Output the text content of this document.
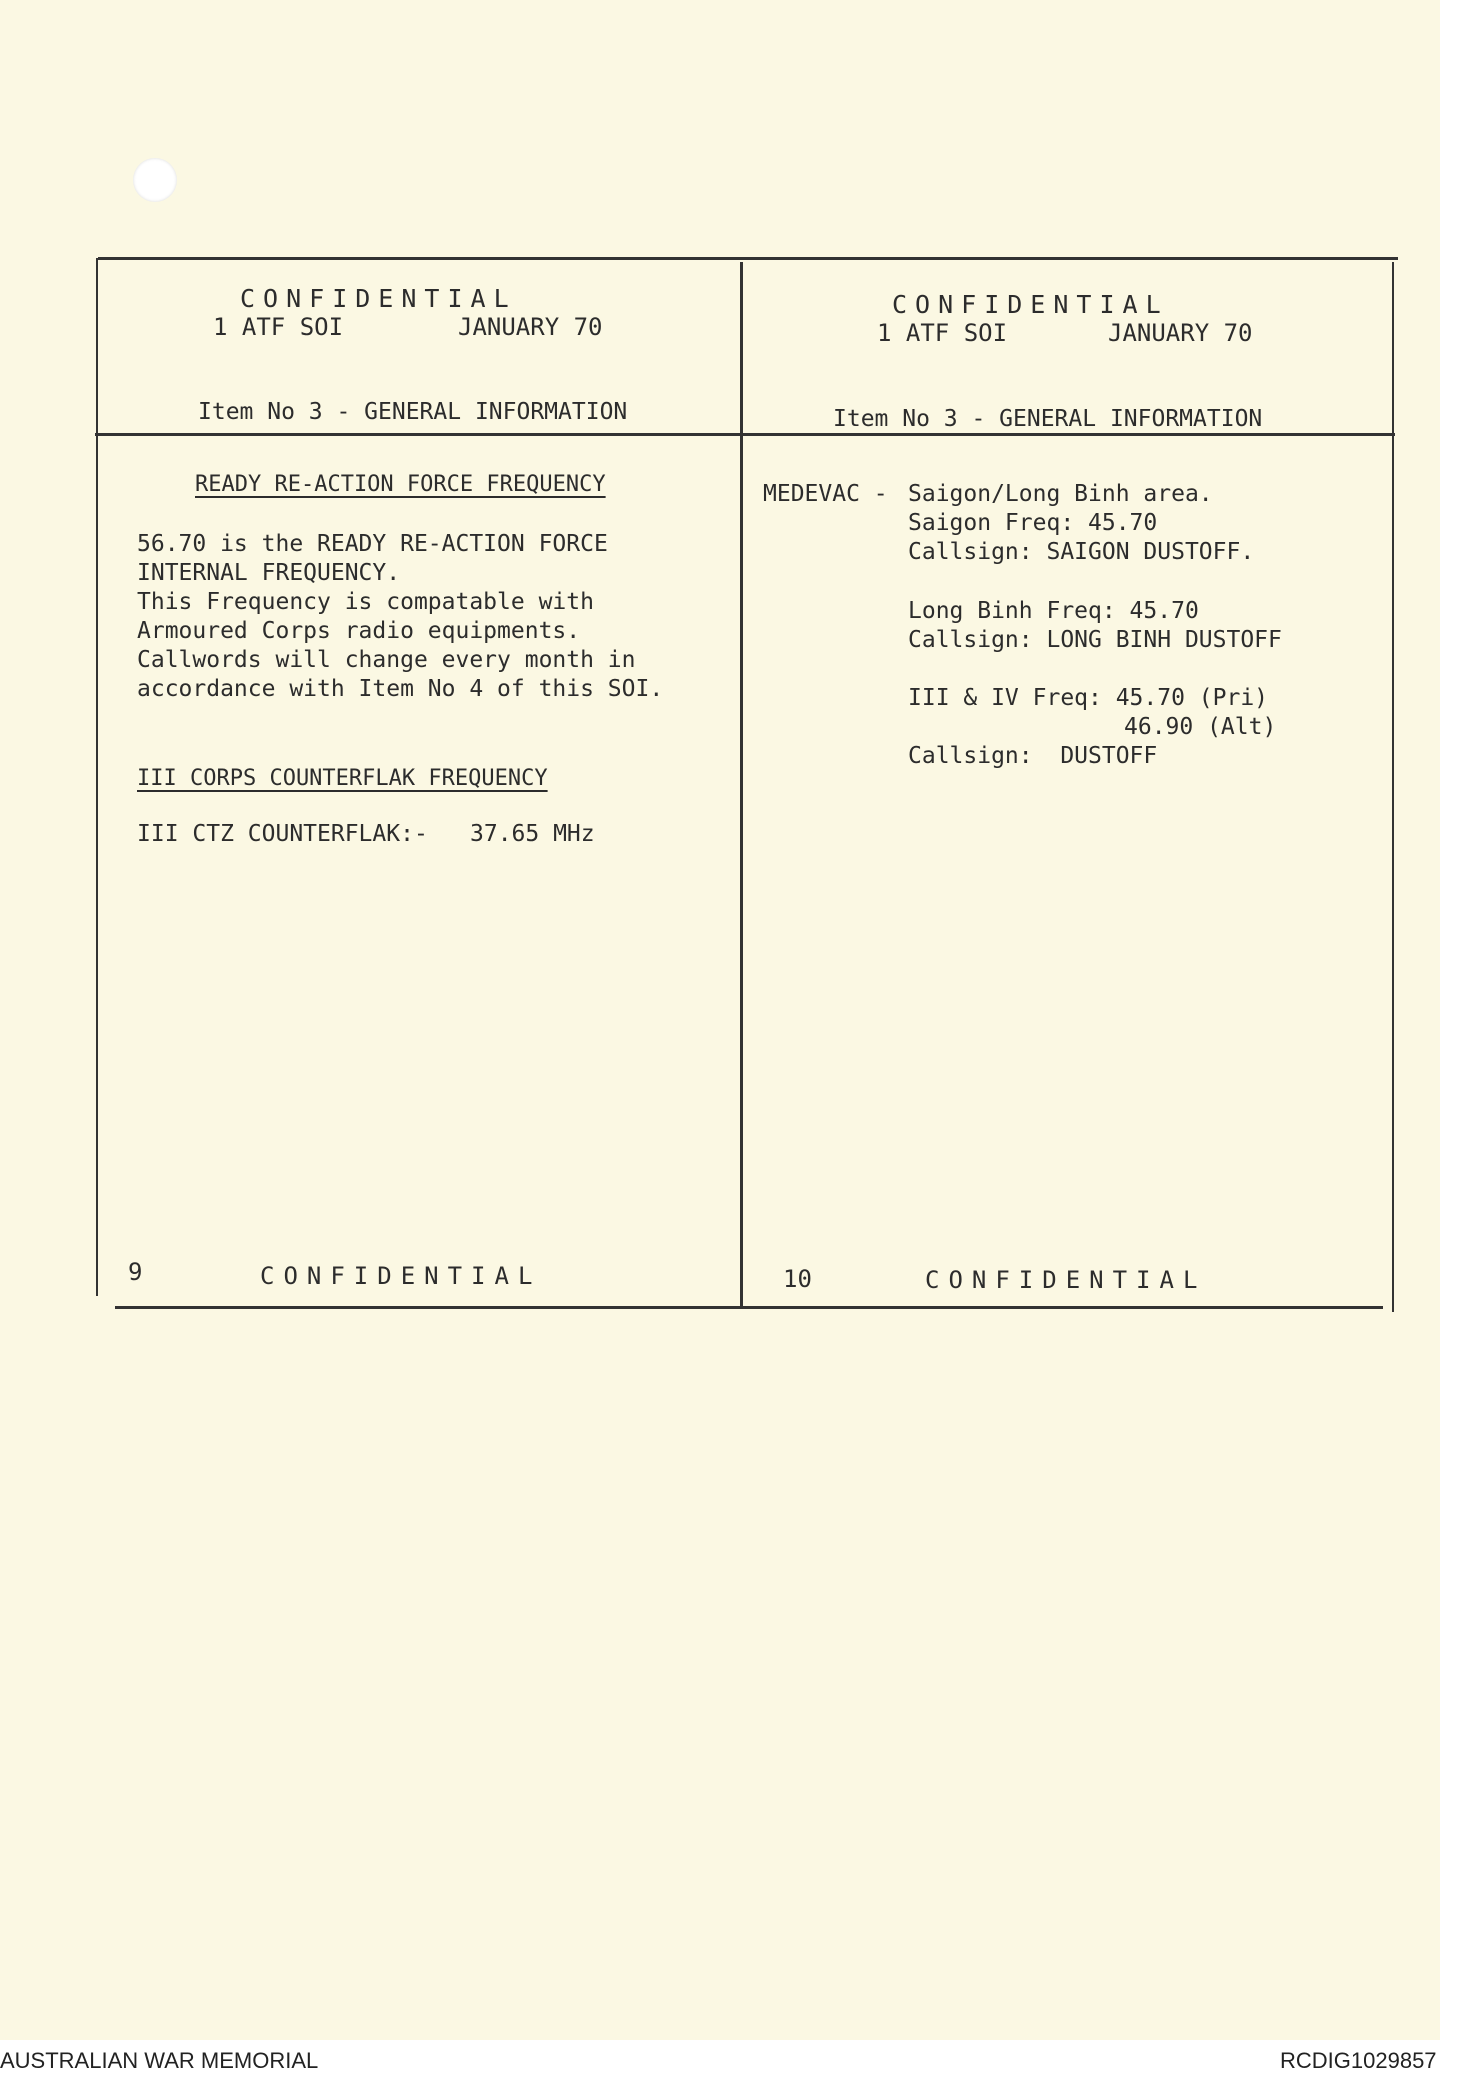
CONFIDENTIAL
1 ATF SOI	JANUARY 70
Item No 3 - GENERAL INFORMATION
READY RE-ACTION FORCE FREQUENCY
56.70 is the READY RE-ACTION FORCE
INTERNAL FREQUENCY.
This Frequency is compatable with
Armoured Corps radio equipments.
Callwords will change every month in
accordance with Item No 4 of this SOI.
III CORPS COUNTERFLAK FREQUENCY
III CTZ COUNTERFLAK:- 37.65 MHz
9	CONFIDENTIAL
CONFIDENTIAL
1 ATF SOI	JANUARY 70
Item No 3 - GENERAL INFORMATION
MEDEVAC - Saigon/Long Binh area.
Saigon Freq: 45.70
Callsign: SAIGON DUSTOFF.
Long Binh Freq: 45.70
Callsign: LONG BINH DUSTOFF
III & IV Freq: 45.70 (Pri)
46.90 (Alt)
Callsign:  DUSTOFF
10	CONFIDENTIAL
AUSTRALIAN WAR MEMORIAL	RCDIG1029857
